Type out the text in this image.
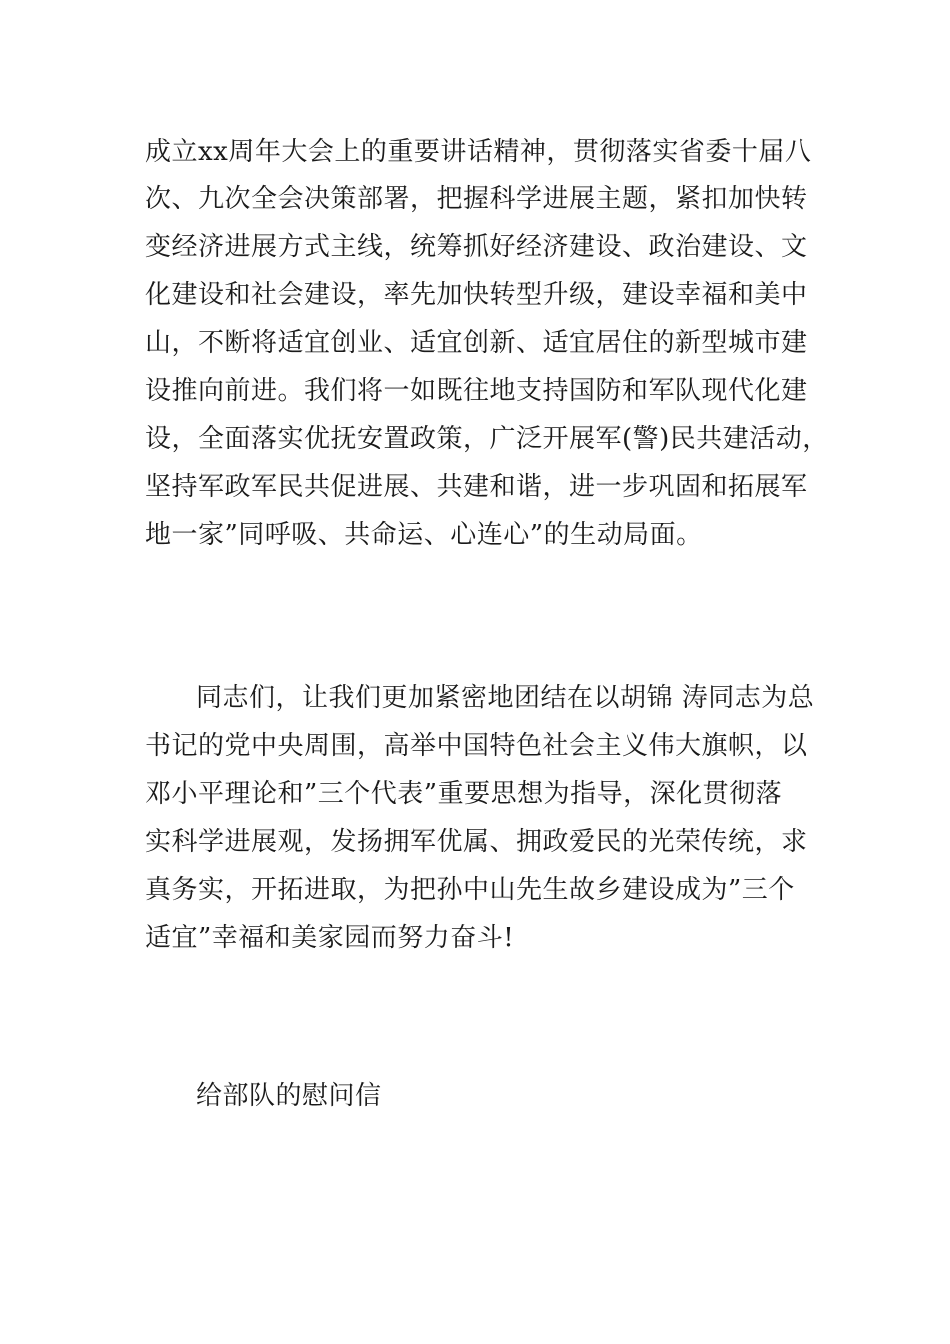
成立xx周年大会上的重要讲话精神，贯彻落实省委十届八
次、九次全会决策部署，把握科学进展主题，紧扣加快转
变经济进展方式主线，统筹抓好经济建设、政治建设、文
化建设和社会建设，率先加快转型升级，建设幸福和美中
山，不断将适宜创业、适宜创新、适宜居住的新型城市建
设推向前进。我们将一如既往地支持国防和军队现代化建
设，全面落实优抚安置政策，广泛开展军(警)民共建活动，
坚持军政军民共促进展、共建和谐，进一步巩固和拓展军
地一家”同呼吸、共命运、心连心”的生动局面。
同志们，让我们更加紧密地团结在以胡锦 涛同志为总
书记的党中央周围，高举中国特色社会主义伟大旗帜，以
邓小平理论和”三个代表”重要思想为指导，深化贯彻落
实科学进展观，发扬拥军优属、拥政爱民的光荣传统，求
真务实，开拓进取，为把孙中山先生故乡建设成为”三个
适宜”幸福和美家园而努力奋斗!
给部队的慰问信
